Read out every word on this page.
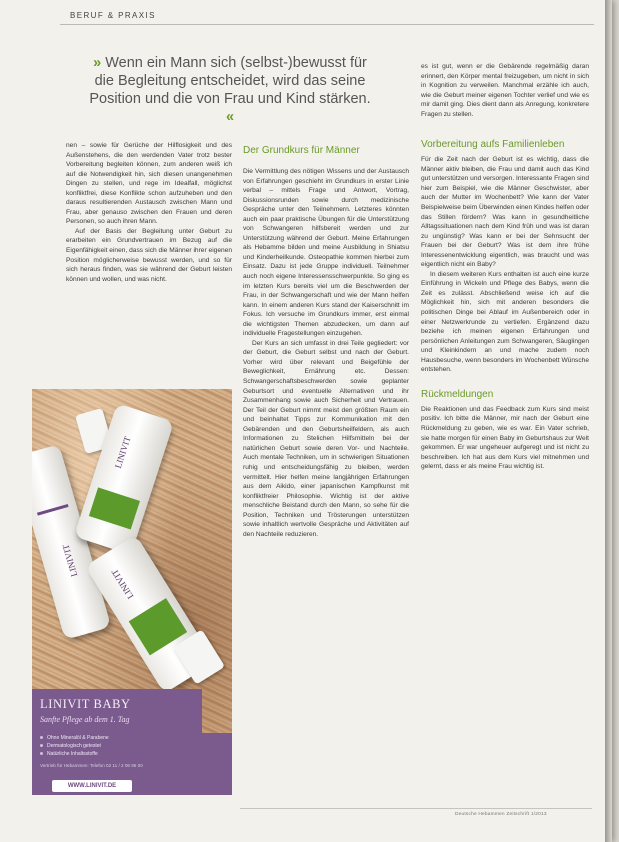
BERUF & PRAXIS
» Wenn ein Mann sich (selbst-)bewusst für die Begleitung entscheidet, wird das seine Position und die von Frau und Kind stärken. «

nen – sowie für Gerüche der Hilflosigkeit und des Außenstehens, die den werdenden Vater trotz bester Vorbereitung begleiten können, zum anderen weiß ich auf die Notwendigkeit hin, sich diesen unangenehmen Dingen zu stellen, und rege im Idealfall, möglichst konfliktfrei, diese Konflikte schon aufzuheben und den daraus resultierenden Austausch zwischen Mann und Frau, aber genauso zwischen den Frauen und deren Personen, so auch ihren Mann.

Auf der Basis der Begleitung unter Geburt zu erarbeiten ein Grundvertrauen im Bezug auf die Eigenfähigkeit einen, dass sich die Männer ihrer eigenen Position möglicherweise bewusst werden, und so für sich heraus finden, was sie während der Geburt leisten können und wollen, und was nicht.

Der Grundkurs für Männer

Die Vermittlung des nötigen Wissens und der Austausch von Erfahrungen geschieht im Grundkurs in erster Linie verbal – mittels Frage und Antwort, Vortrag, Diskussionsrunden sowie durch medizinische Gespräche unter den Teilnehmern. Letzteres könnten auch ein paar praktische Übungen für die Unterstützung von Schwangeren hilfsbereit werden und zur Unterstützung während der Geburt. Meine Erfahrungen als Hebamme bilden und meine Ausbildung in Shiatsu und Kinderheilkunde. Osteopathie kommen hierbei zum Einsatz. Dazu ist jede Gruppe individuell. Teilnehmer auch noch eigene Interessensschwerpunkte. So ging es im letzten Kurs bereits viel um die Beschwerden der Frau, in der Schwangerschaft und wie der Mann helfen kann. In einem anderen Kurs stand der Kaiserschnitt im Fokus. Ich versuche im Grundkurs immer, erst einmal die wichtigsten Themen abzudecken, um dann auf individuelle Fragestellungen einzugehen.

Der Kurs an sich umfasst in drei Teile gegliedert: vor der Geburt, die Geburt selbst und nach der Geburt. Vorher wird über relevant und Beigefühle der Beweglichkeit, Ernährung etc. Dessen: Schwangerschaftsbeschwerden sowie geplanter Geburtsort und eventuelle Alternativen und ihr Zusammenhang sowie auch Sicherheit und Vertrauen. Der Teil der Geburt nimmt meist den größten Raum ein und beinhaltet Tipps zur Kommunikation mit den Gebärenden und den Geburtsheilfeldern, als auch Informationen zu Stelichen Hilfsmitteln bei der natürlichen Geburt sowie deren Vor- und Nachteile. Auch mentale Techniken, um in schwierigen Situationen ruhig und entscheidungsfähig zu bleiben, werden vermittelt. Hier helfen meine langjährigen Erfahrungen aus dem Aikido, einer japanischen Kampfkunst mit konfliktfreier Philosophie. Wichtig ist der aktive menschliche Beistand durch den Mann, so sehe für die Position, Techniken und Trösterungen unterstützen sowie inhaltlich wertvolle Gespräche und Aktivitäten auf den Nachteile reduzieren.

es ist gut, wenn er die Gebärende regelmäßig daran erinnert, den Körper mental freizugeben, um nicht in sich in Kognition zu verweilen. Manchmal erzähle ich auch, wie die Geburt meiner eigenen Tochter verlief und wie es mir damit ging. Dies dient dann als Anregung, konkretere Fragen zu stellen.

Vorbereitung aufs Familienleben

Für die Zeit nach der Geburt ist es wichtig, dass die Männer aktiv bleiben, die Frau und damit auch das Kind gut unterstützen und versorgen. Interessante Fragen sind hier zum Beispiel, wie die Männer Geschwister, aber auch der Mutter im Wochenbett? Wie kann der Vater Beispielweise beim Überwinden einen Kindes helfen oder das Stillen fördern? Was kann in gesundheitliche Alltagssituationen nach dem Kind früh und was ist daran zu ungünstig? Was kann er bei der Sehnsucht der Frauen bei der Geburt? Was ist dem ihre frühe Interessenentwicklung eigentlich, was braucht und was eigentlich nicht ein Baby?

In diesem weiteren Kurs enthalten ist auch eine kurze Einführung in Wickeln und Pflege des Babys, wenn die Zeit es zulässt. Abschließend weise ich auf die Möglichkeit hin, sich mit anderen besonders die politischen Dinge bei Ablauf im Außenbereich oder in einer Netzwerkrunde zu vertiefen. Ergänzend dazu beziehe ich meinen eigenen Erfahrungen und persönlichen Anleitungen zum Schwangeren, Säuglingen und Kleinkindern an und mache zudem noch Hausbesuche, wenn besonders im Wochenbett Wünsche entstehen.

Rückmeldungen

Die Reaktionen und das Feedback zum Kurs sind meist positiv. Ich bitte die Männer, mir nach der Geburt eine Rückmeldung zu geben, wie es war. Ein Vater schrieb, sie hatte morgen für einen Baby im Geburtshaus zur Welt gekommen. Er war ungeheuer aufgeregt und ist nicht zu beschreiben. Ich hat aus dem Kurs viel mitnehmen und gelernt, dass er als meine Frau wichtig ist.

LINIVIT
LINIVIT
LINIVIT
LINIVIT BABY
Sanfte Pflege ab dem 1. Tag
Ohne Mineralöl & Parabene
Dermatologisch getestet
Natürliche Inhaltsstoffe
Vertrieb für Hebammen: Telefon 02 11 / 2 06 95 00
WWW.LINIVIT.DE
Deutsche Hebammen Zeitschrift 1/2013
